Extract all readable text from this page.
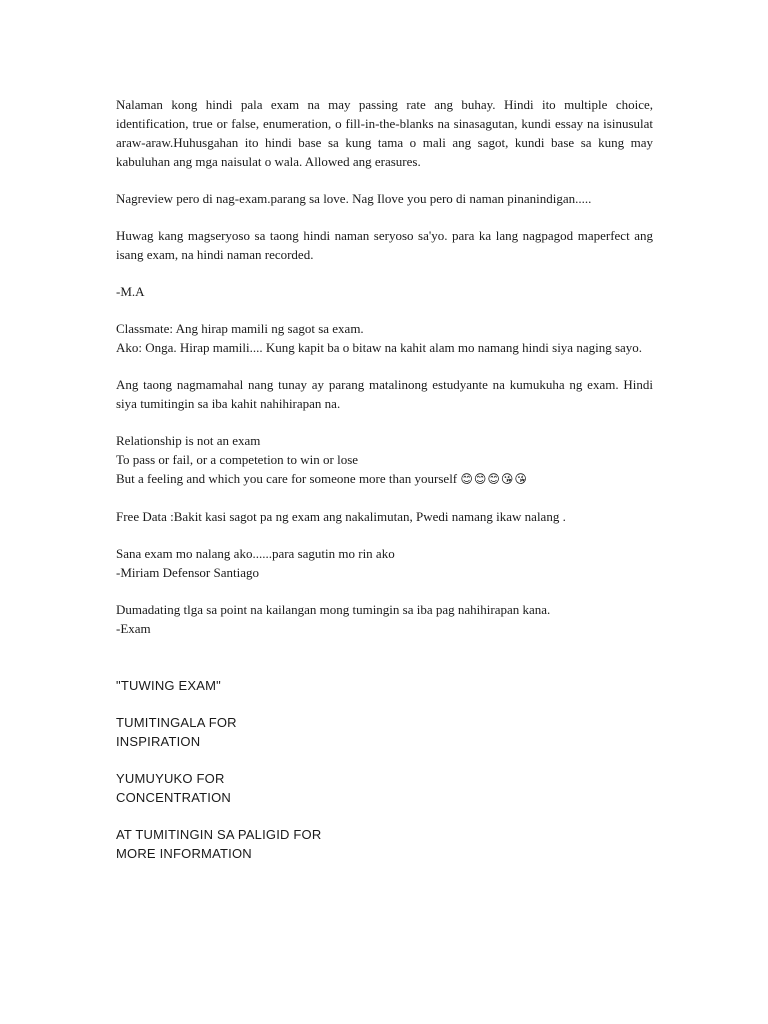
Nalaman kong hindi pala exam na may passing rate ang buhay. Hindi ito multiple choice, identification, true or false, enumeration, o fill-in-the-blanks na sinasagutan, kundi essay na isinusulat araw-araw.Huhusgahan ito hindi base sa kung tama o mali ang sagot, kundi base sa kung may kabuluhan ang mga naisulat o wala. Allowed ang erasures.

Nagreview pero di nag-exam.parang sa love. Nag Ilove you pero di naman pinanindigan.....

Huwag kang magseryoso sa taong hindi naman seryoso sa'yo. para ka lang nagpagod maperfect ang isang exam, na hindi naman recorded.

-M.A

Classmate: Ang hirap mamili ng sagot sa exam.
Ako: Onga. Hirap mamili.... Kung kapit ba o bitaw na kahit alam mo namang hindi siya naging sayo.

Ang taong nagmamahal nang tunay ay parang matalinong estudyante na kumukuha ng exam. Hindi siya tumitingin sa iba kahit nahihirapan na.

Relationship is not an exam
To pass or fail, or a competetion to win or lose
But a feeling and which you care for someone more than yourself 😊😊😊😘😘

Free Data :Bakit kasi sagot pa ng exam ang nakalimutan, Pwedi namang ikaw nalang .

Sana exam mo nalang ako......para sagutin mo rin ako
-Miriam Defensor Santiago

Dumadating tlga sa point na kailangan mong tumingin sa iba pag nahihirapan kana.
-Exam

"TUWING EXAM"

TUMITINGALA FOR
INSPIRATION

YUMUYUKO FOR
CONCENTRATION

AT TUMITINGIN SA PALIGID FOR
MORE INFORMATION
